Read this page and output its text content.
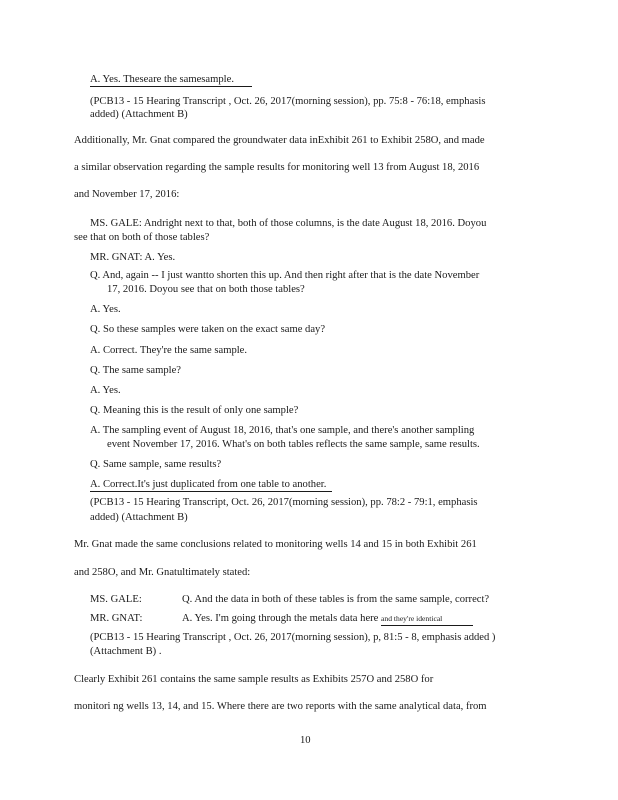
A. Yes. Theseare the samesample.
(PCB13 - 15 Hearing Transcript , Oct. 26, 2017(morning session), pp. 75:8 - 76:18, emphasis
added) (Attachment B)
Additionally, Mr. Gnat compared the groundwater data inExhibit 261 to Exhibit 258O, and made
a similar observation regarding the sample results for monitoring well 13 from August 18, 2016
and November 17, 2016:
MS. GALE: Andright next to that, both of those columns, is the date August 18, 2016. Doyou
see that on both of those tables?
MR. GNAT: A. Yes.
Q. And, again -- I just wantto shorten this up. And then right after that is the date November
17, 2016. Doyou see that on both those tables?
A. Yes.
Q. So these samples were taken on the exact same day?
A. Correct. They're the same sample.
Q. The same sample?
A. Yes.
Q. Meaning this is the result of only one sample?
A. The sampling event of August 18, 2016, that's one sample, and there's another sampling
event November 17, 2016. What's on both tables reflects the same sample, same results.
Q. Same sample, same results?
A. Correct.It's just duplicated from one table to another.
(PCB13 - 15 Hearing Transcript, Oct. 26, 2017(morning session), pp. 78:2 - 79:1, emphasis
added) (Attachment B)
Mr. Gnat made the same conclusions related to monitoring wells 14 and 15 in both Exhibit 261
and 258O, and Mr. Gnatultimately stated:
MS. GALE:	Q. And the data in both of these tables is from the same sample, correct?
MR. GNAT:	A. Yes. I'm going through the metals data here and they're identical
(PCB13 - 15 Hearing Transcript , Oct. 26, 2017(morning session), p, 81:5 - 8, emphasis added )
(Attachment B) .
Clearly Exhibit 261 contains the same sample results as Exhibits 257O and 258O for
monitori ng wells 13, 14, and 15. Where there are two reports with the same analytical data, from
10
